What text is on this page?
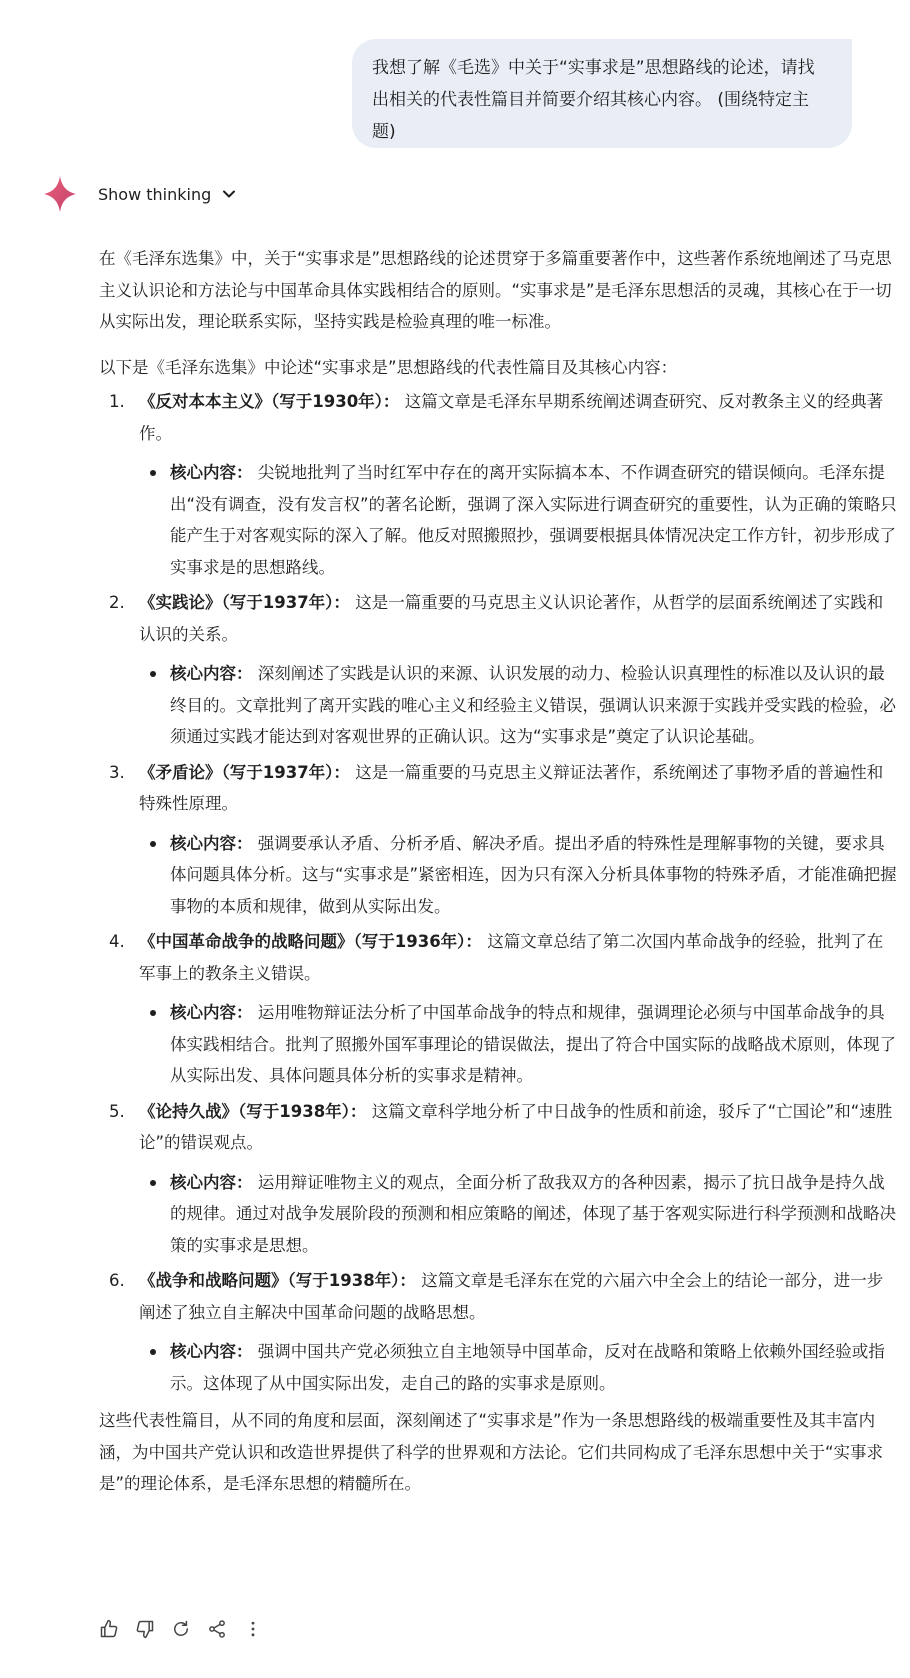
我想了解《毛选》中关于“实事求是”思想路线的论述，请找出相关的代表性篇目并简要介绍其核心内容。 (围绕特定主题)
Show thinking

在《毛泽东选集》中，关于“实事求是”思想路线的论述贯穿于多篇重要著作中，这些著作系统地阐述了马克思主义认识论和方法论与中国革命具体实践相结合的原则。“实事求是”是毛泽东思想活的灵魂，其核心在于一切从实际出发，理论联系实际，坚持实践是检验真理的唯一标准。

以下是《毛泽东选集》中论述“实事求是”思想路线的代表性篇目及其核心内容：

1. 《反对本本主义》（写于1930年）： 这篇文章是毛泽东早期系统阐述调查研究、反对教条主义的经典著作。
核心内容： 尖锐地批判了当时红军中存在的离开实际搞本本、不作调查研究的错误倾向。毛泽东提出“没有调查，没有发言权”的著名论断，强调了深入实际进行调查研究的重要性，认为正确的策略只能产生于对客观实际的深入了解。他反对照搬照抄，强调要根据具体情况决定工作方针，初步形成了实事求是的思想路线。
2. 《实践论》（写于1937年）： 这是一篇重要的马克思主义认识论著作，从哲学的层面系统阐述了实践和认识的关系。
核心内容： 深刻阐述了实践是认识的来源、认识发展的动力、检验认识真理性的标准以及认识的最终目的。文章批判了离开实践的唯心主义和经验主义错误，强调认识来源于实践并受实践的检验，必须通过实践才能达到对客观世界的正确认识。这为“实事求是”奠定了认识论基础。
3. 《矛盾论》（写于1937年）： 这是一篇重要的马克思主义辩证法著作，系统阐述了事物矛盾的普遍性和特殊性原理。
核心内容： 强调要承认矛盾、分析矛盾、解决矛盾。提出矛盾的特殊性是理解事物的关键，要求具体问题具体分析。这与“实事求是”紧密相连，因为只有深入分析具体事物的特殊矛盾，才能准确把握事物的本质和规律，做到从实际出发。
4. 《中国革命战争的战略问题》（写于1936年）： 这篇文章总结了第二次国内革命战争的经验，批判了在军事上的教条主义错误。
核心内容： 运用唯物辩证法分析了中国革命战争的特点和规律，强调理论必须与中国革命战争的具体实践相结合。批判了照搬外国军事理论的错误做法，提出了符合中国实际的战略战术原则，体现了从实际出发、具体问题具体分析的实事求是精神。
5. 《论持久战》（写于1938年）： 这篇文章科学地分析了中日战争的性质和前途，驳斥了“亡国论”和“速胜论”的错误观点。
核心内容： 运用辩证唯物主义的观点，全面分析了敌我双方的各种因素，揭示了抗日战争是持久战的规律。通过对战争发展阶段的预测和相应策略的阐述，体现了基于客观实际进行科学预测和战略决策的实事求是思想。
6. 《战争和战略问题》（写于1938年）： 这篇文章是毛泽东在党的六届六中全会上的结论一部分，进一步阐述了独立自主解决中国革命问题的战略思想。
核心内容： 强调中国共产党必须独立自主地领导中国革命，反对在战略和策略上依赖外国经验或指示。这体现了从中国实际出发，走自己的路的实事求是原则。

这些代表性篇目，从不同的角度和层面，深刻阐述了“实事求是”作为一条思想路线的极端重要性及其丰富内涵，为中国共产党认识和改造世界提供了科学的世界观和方法论。它们共同构成了毛泽东思想中关于“实事求是”的理论体系，是毛泽东思想的精髓所在。
